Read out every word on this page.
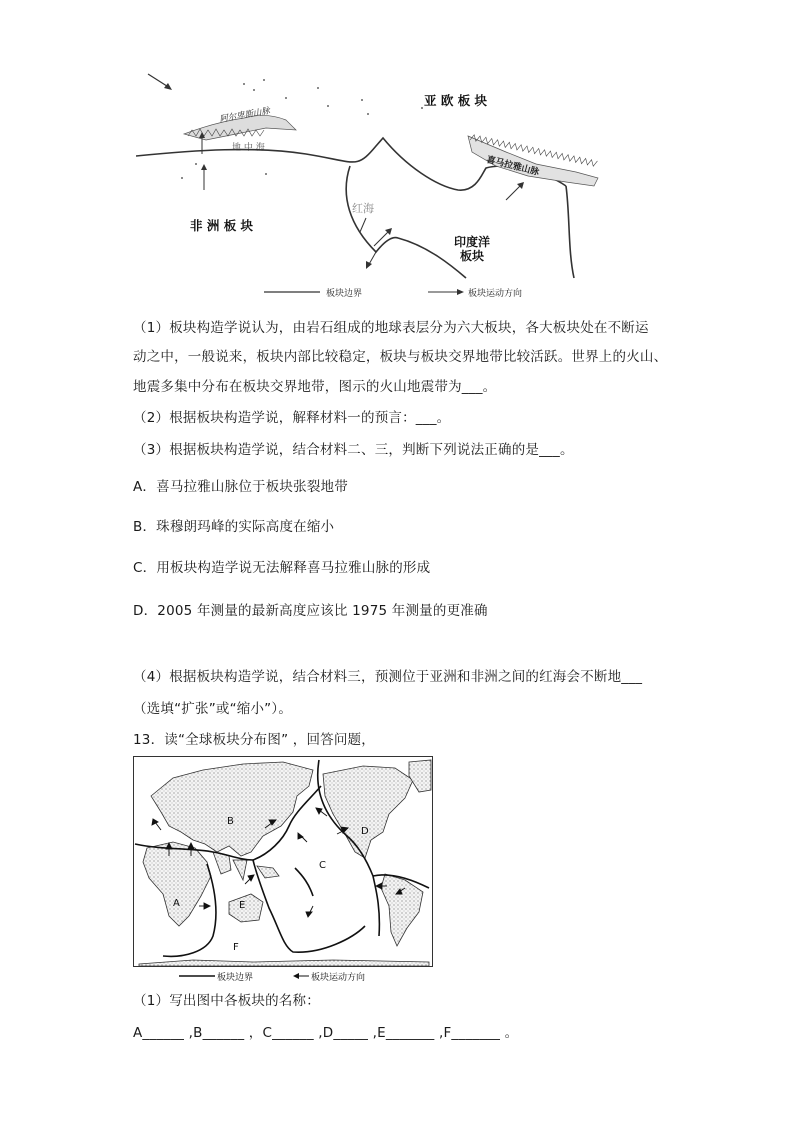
阿尔卑斯山脉
地 中 海
红海
喜马拉雅山脉
亚 欧 板 块
非 洲 板 块
印度洋
板块
板块边界	板块运动方向
（1）板块构造学说认为，由岩石组成的地球表层分为六大板块，各大板块处在不断运
动之中，一般说来，板块内部比较稳定，板块与板块交界地带比较活跃。世界上的火山、
地震多集中分布在板块交界地带，图示的火山地震带为___。
（2）根据板块构造学说，解释材料一的预言：___。
（3）根据板块构造学说，结合材料二、三，判断下列说法正确的是___。
A．喜马拉雅山脉位于板块张裂地带
B．珠穆朗玛峰的实际高度在缩小
C．用板块构造学说无法解释喜马拉雅山脉的形成
D．2005 年测量的最新高度应该比 1975 年测量的更准确
（4）根据板块构造学说，结合材料三，预测位于亚洲和非洲之间的红海会不断地___
（选填“扩张”或“缩小”）。
13．读“全球板块分布图” ，回答问题，
B
A
C
D
E
F
板块边界	板块运动方向
（1）写出图中各板块的名称：
A______ ,B______ ，C______ ,D_____ ,E_______ ,F_______ 。
